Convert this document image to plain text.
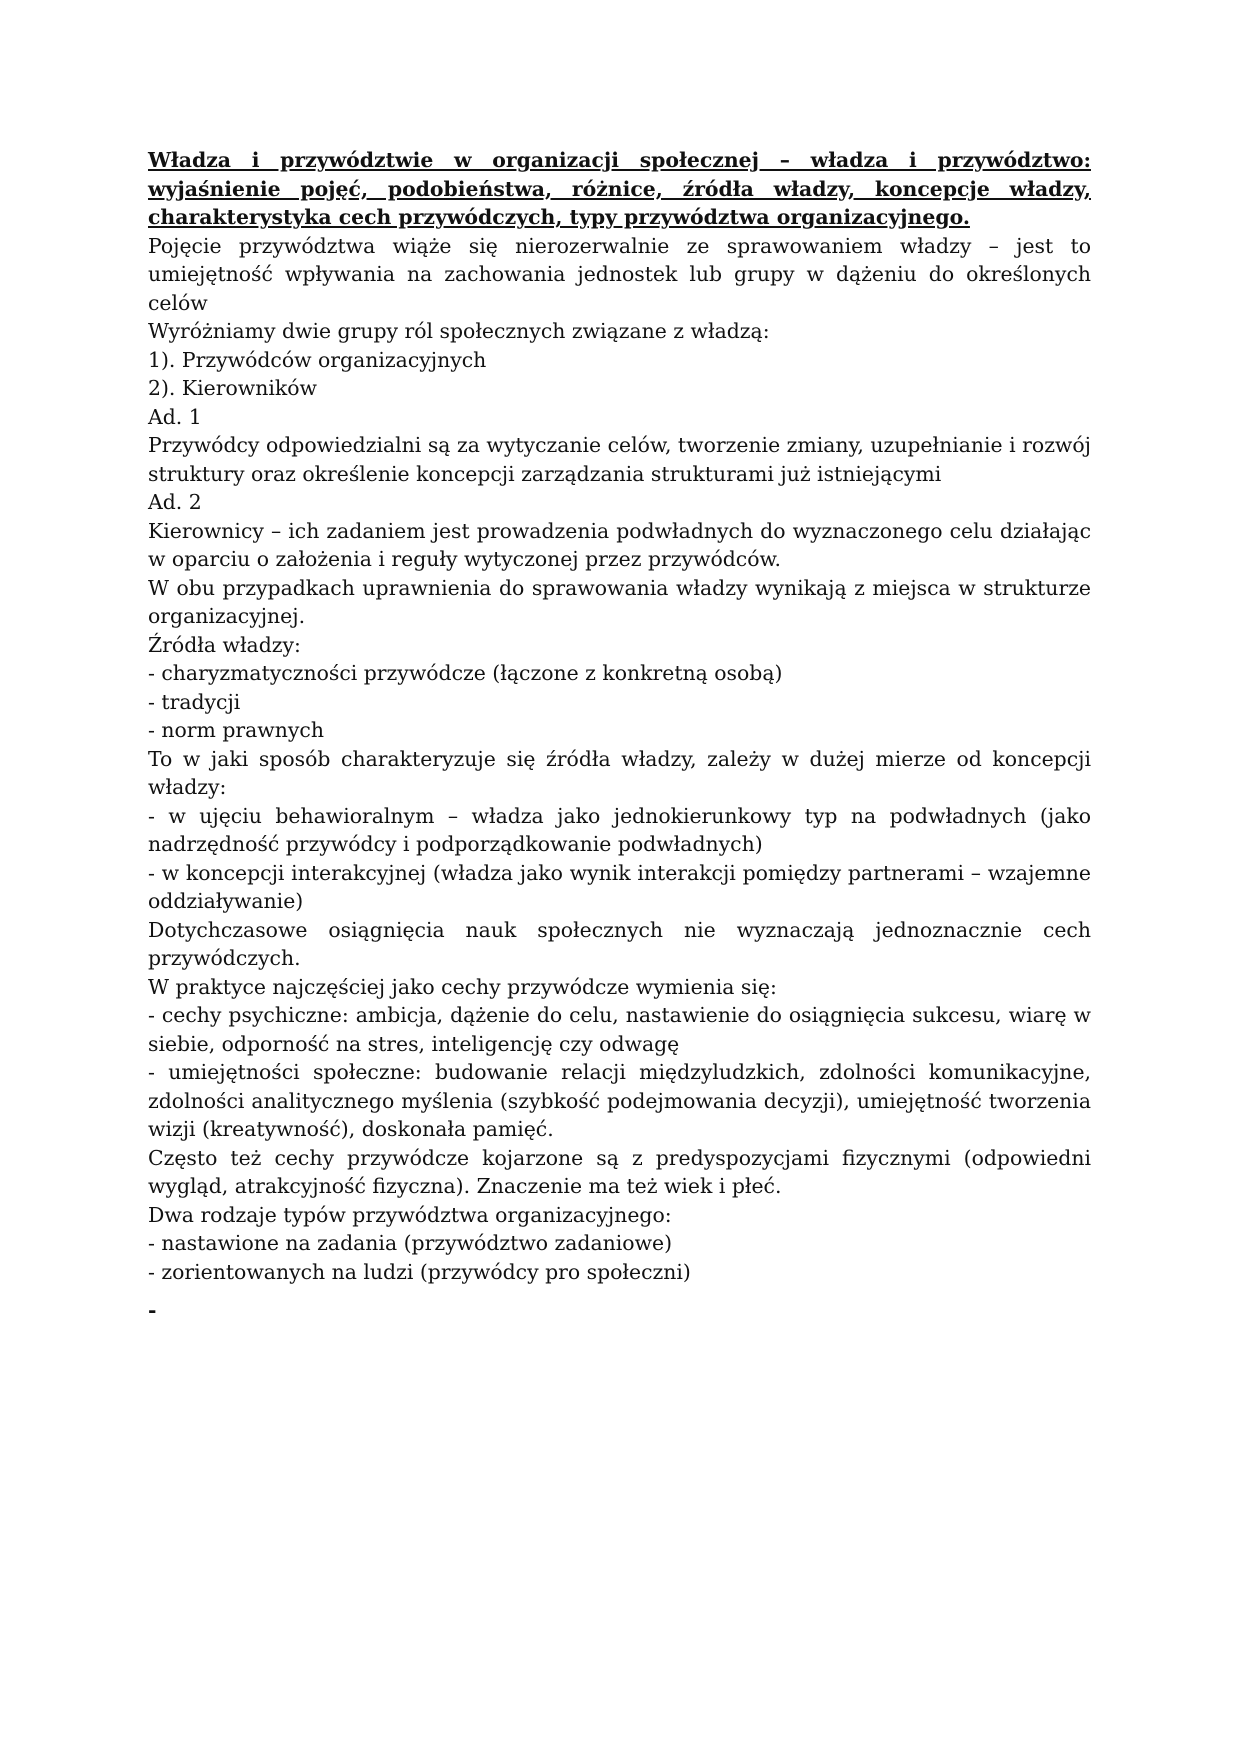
Władza i przywództwie w organizacji społecznej – władza i przywództwo: wyjaśnienie pojęć, podobieństwa, różnice, źródła władzy, koncepcje władzy, charakterystyka cech przywódczych, typy przywództwa organizacyjnego.

Pojęcie przywództwa wiąże się nierozerwalnie ze sprawowaniem władzy – jest to umiejętność wpływania na zachowania jednostek lub grupy w dążeniu do określonych celów

Wyróżniamy dwie grupy ról społecznych związane z władzą:

1). Przywódców organizacyjnych

2). Kierowników

Ad. 1

Przywódcy odpowiedzialni są za wytyczanie celów, tworzenie zmiany, uzupełnianie i rozwój struktury oraz określenie koncepcji zarządzania strukturami już istniejącymi

Ad. 2

Kierownicy – ich zadaniem jest prowadzenia podwładnych do wyznaczonego celu działając w oparciu o założenia i reguły wytyczonej przez przywódców.

W obu przypadkach uprawnienia do sprawowania władzy wynikają z miejsca w strukturze organizacyjnej.

Źródła władzy:

- charyzmatyczności przywódcze (łączone z konkretną osobą)

- tradycji

- norm prawnych

To w jaki sposób charakteryzuje się źródła władzy, zależy w dużej mierze od koncepcji władzy:

- w ujęciu behawioralnym – władza jako jednokierunkowy typ na podwładnych (jako nadrzędność przywódcy i podporządkowanie podwładnych)

- w koncepcji interakcyjnej (władza jako wynik interakcji pomiędzy partnerami – wzajemne oddziaływanie)

Dotychczasowe osiągnięcia nauk społecznych nie wyznaczają jednoznacznie cech przywódczych.

W praktyce najczęściej jako cechy przywódcze wymienia się:

- cechy psychiczne: ambicja, dążenie do celu, nastawienie do osiągnięcia sukcesu, wiarę w siebie, odporność na stres, inteligencję czy odwagę

- umiejętności społeczne: budowanie relacji międzyludzkich, zdolności komunikacyjne, zdolności analitycznego myślenia (szybkość podejmowania decyzji), umiejętność tworzenia wizji (kreatywność), doskonała pamięć.

Często też cechy przywódcze kojarzone są z predyspozycjami fizycznymi (odpowiedni wygląd, atrakcyjność fizyczna). Znaczenie ma też wiek i płeć.

Dwa rodzaje typów przywództwa organizacyjnego:

- nastawione na zadania (przywództwo zadaniowe)

- zorientowanych na ludzi (przywódcy pro społeczni)

-
